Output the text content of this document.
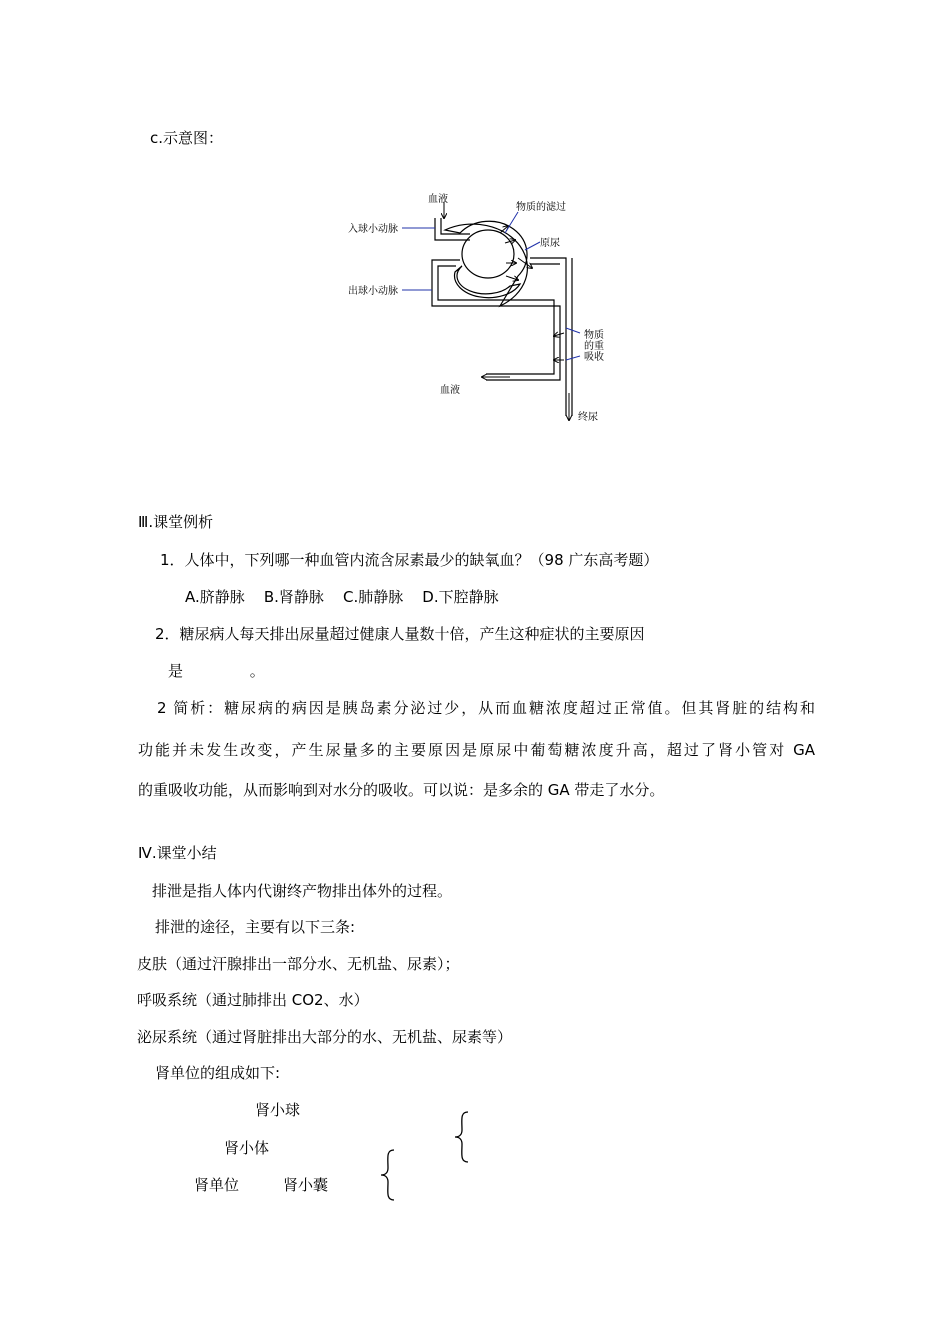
c.示意图：
血液
入球小动脉
出球小动脉
物质的滤过
原尿
物质
的重
吸收
血液
终尿
Ⅲ.课堂例析
1．人体中，下列哪一种血管内流含尿素最少的缺氧血？（98 广东高考题）
A.脐静脉    B.肾静脉    C.肺静脉    D.下腔静脉
2．糖尿病人每天排出尿量超过健康人量数十倍，产生这种症状的主要原因
是              。
2 简析：糖尿病的病因是胰岛素分泌过少，从而血糖浓度超过正常值。但其肾脏的结构和
功能并未发生改变，产生尿量多的主要原因是原尿中葡萄糖浓度升高，超过了肾小管对 GA
的重吸收功能，从而影响到对水分的吸收。可以说：是多余的 GA 带走了水分。
Ⅳ.课堂小结
排泄是指人体内代谢终产物排出体外的过程。
排泄的途径，主要有以下三条:
皮肤（通过汗腺排出一部分水、无机盐、尿素）；
呼吸系统（通过肺排出 CO2、水）
泌尿系统（通过肾脏排出大部分的水、无机盐、尿素等）
肾单位的组成如下:
肾小球
肾小体
肾单位	肾小囊
